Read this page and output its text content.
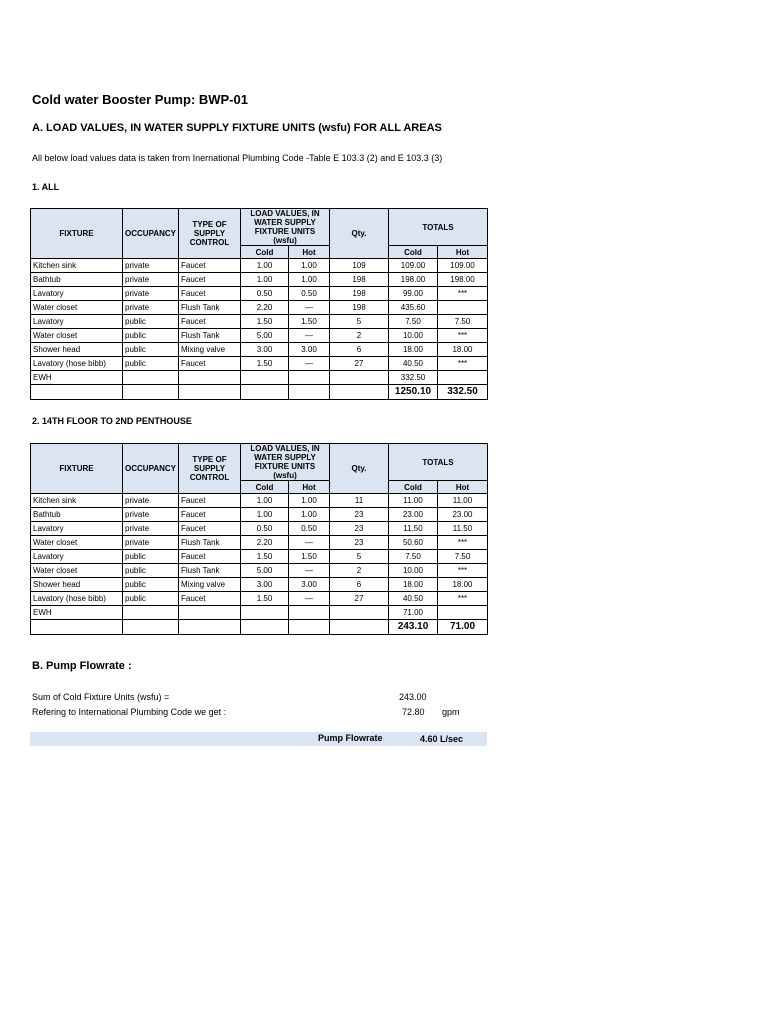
Cold water Booster Pump: BWP-01
A. LOAD VALUES, IN WATER SUPPLY FIXTURE UNITS (wsfu) FOR ALL AREAS
All below load values data is taken from Inernational Plumbing Code -Table E 103.3 (2) and E 103.3 (3)
1. ALL
FIXTURE	OCCUPANCY	TYPE OF SUPPLY CONTROL	LOAD VALUES, IN WATER SUPPLY FIXTURE UNITS (wsfu)		Qty.	TOTALS	
			Cold	Hot		Cold	Hot
Kitchen sink	private	Faucet	1.00	1.00	109	109.00	109.00
Bathtub	private	Faucet	1.00	1.00	198	198.00	198.00
Lavatory	private	Faucet	0.50	0.50	198	99.00	***
Water closet	private	Flush Tank	2.20	—	198	435.60	
Lavatory	public	Faucet	1.50	1.50	5	7.50	7.50
Water closet	public	Flush Tank	5.00	—	2	10.00	***
Shower head	public	Mixing valve	3.00	3.00	6	18.00	18.00
Lavatory (hose bibb)	public	Faucet	1.50	—	27	40.50	***
EWH						332.50	
						1250.10	332.50
2. 14TH FLOOR TO 2ND PENTHOUSE
FIXTURE	OCCUPANCY	TYPE OF SUPPLY CONTROL	LOAD VALUES, IN WATER SUPPLY FIXTURE UNITS (wsfu)		Qty.	TOTALS	
			Cold	Hot		Cold	Hot
Kitchen sink	private	Faucet	1.00	1.00	11	11.00	11.00
Bathtub	private	Faucet	1.00	1.00	23	23.00	23.00
Lavatory	private	Faucet	0.50	0.50	23	11.50	11.50
Water closet	private	Flush Tank	2.20	—	23	50.60	***
Lavatory	public	Faucet	1.50	1.50	5	7.50	7.50
Water closet	public	Flush Tank	5.00	—	2	10.00	***
Shower head	public	Mixing valve	3.00	3.00	6	18.00	18.00
Lavatory (hose bibb)	public	Faucet	1.50	—	27	40.50	***
EWH						71.00	
						243.10	71.00
B. Pump Flowrate :
Sum of Cold Fixture Units (wsfu) =	243.00
Refering to International Plumbing Code we get :	72.80 gpm
Pump Flowrate	4.60 L/sec
